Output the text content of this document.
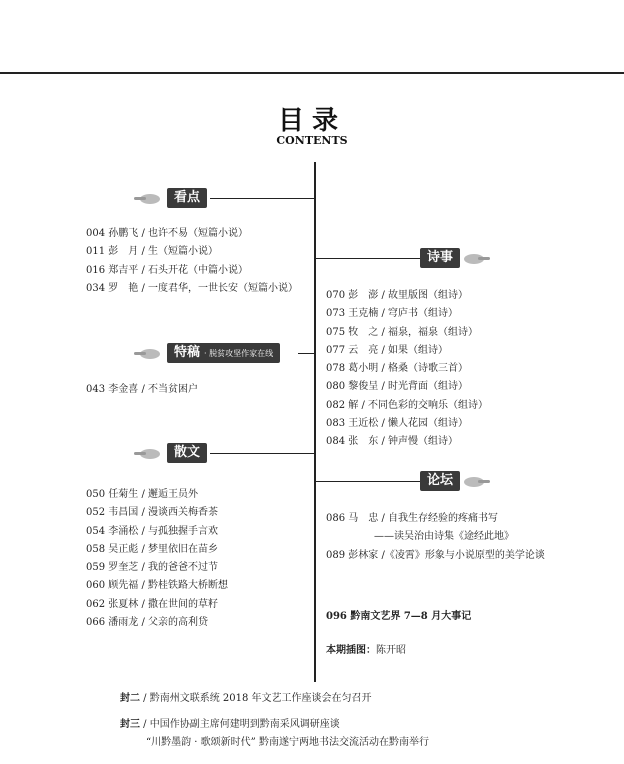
目录
CONTENTS
看点
004 孙鹏飞 / 也许不易（短篇小说）
011 彭　月 / 生（短篇小说）
016 郑吉平 / 石头开花（中篇小说）
034 罗　艳 / 一度君华，一世长安（短篇小说）
特稿 · 脱贫攻坚作家在线
043 李金喜 / 不当贫困户
散文
050 任菊生 / 邂逅王员外
052 韦昌国 / 漫谈西关梅香茶
054 李涌松 / 与孤独握手言欢
058 吴正彪 / 梦里依旧在苗乡
059 罗奎芝 / 我的爸爸不过节
060 顾先福 / 黔桂铁路大桥断想
062 张夏林 / 撒在世间的草籽
066 潘雨龙 / 父亲的高利贷
诗事
070 彭　澎 / 故里版图（组诗）
073 王克楠 / 穹庐书（组诗）
075 牧　之 / 福泉，福泉（组诗）
077 云　亮 / 如果（组诗）
078 葛小明 / 格桑（诗歌三首）
080 黎俊呈 / 时光背面（组诗）
082 解 / 不同色彩的交响乐（组诗）
083 王近松 / 懒人花园（组诗）
084 张　东 / 钟声慢（组诗）
论坛
086 马　忠 / 自我生存经验的疼痛书写
——读吴治由诗集《途经此地》
089 彭林家 /《凌霄》形象与小说原型的美学论谈
096 黔南文艺界 7—8 月大事记
本期插图：陈开昭
封二 / 黔南州文联系统 2018 年文艺工作座谈会在匀召开
封三 / 中国作协副主席何建明到黔南采风调研座谈
“川黔墨韵 · 歌颂新时代” 黔南遂宁两地书法交流活动在黔南举行
